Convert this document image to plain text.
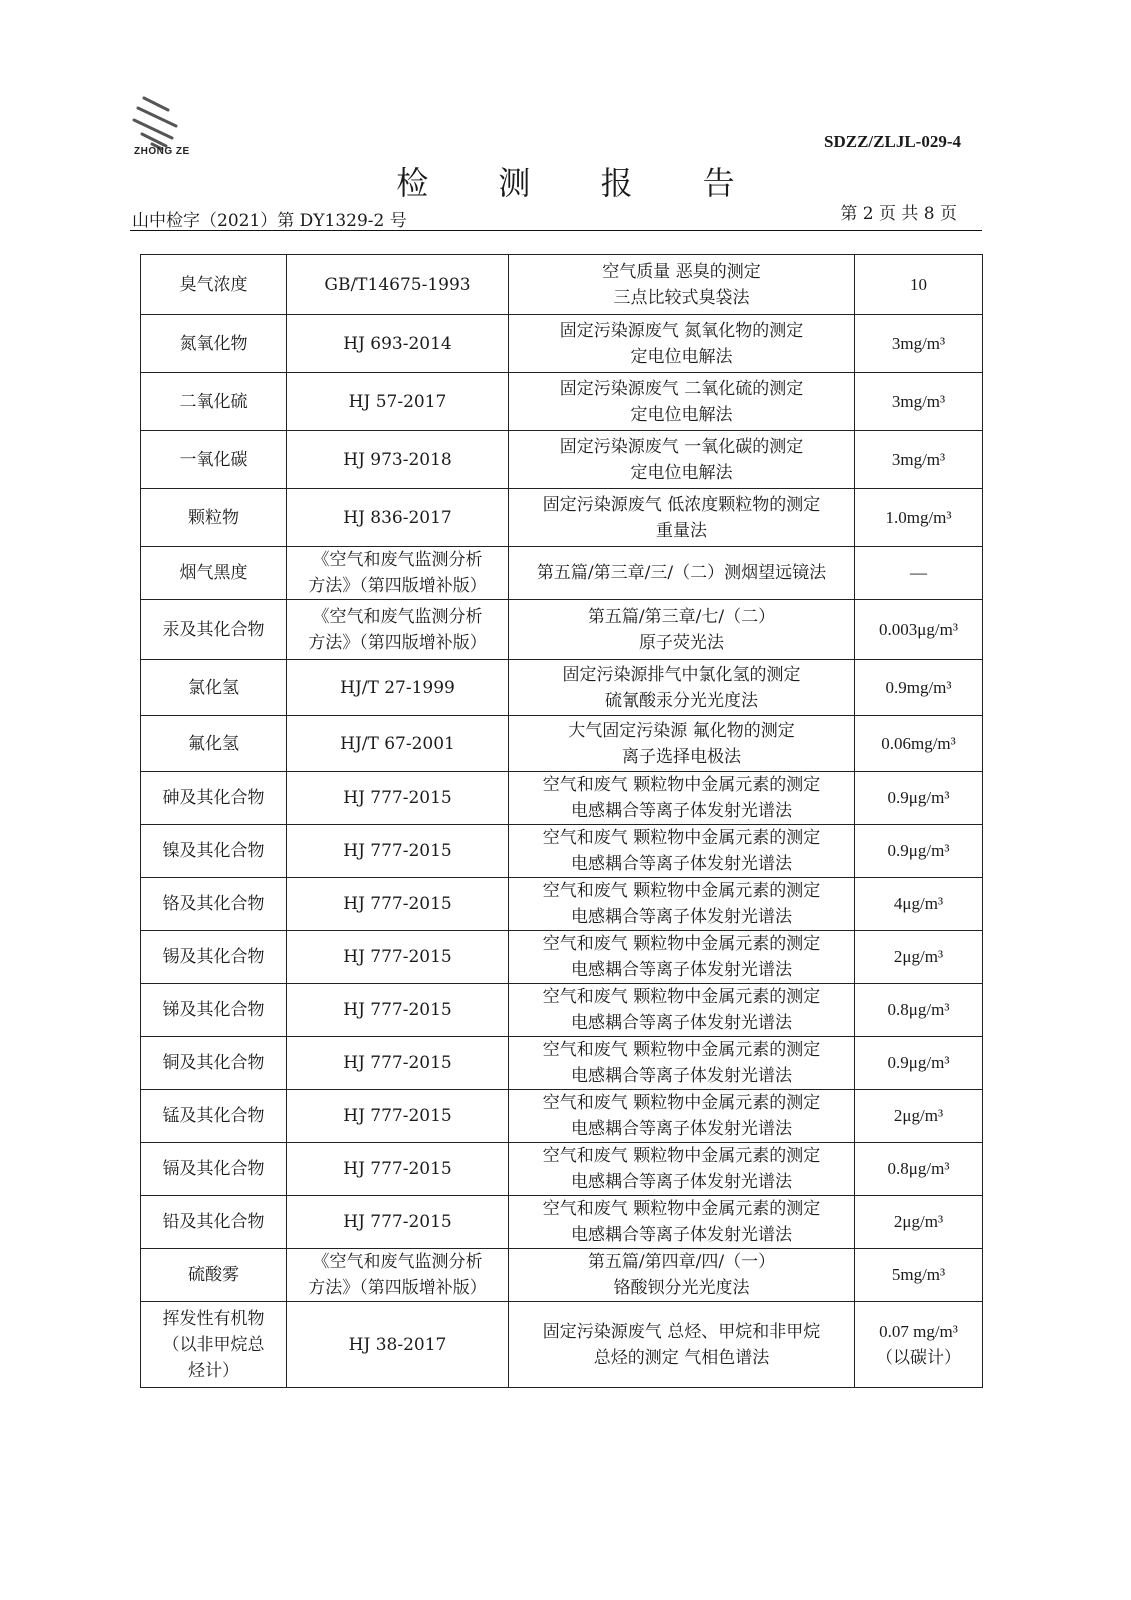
ZHONG ZE
SDZZ/ZLJL-029-4
检 测 报 告
山中检字（2021）第 DY1329-2 号	第 2 页 共 8 页
臭气浓度	GB/T14675-1993	空气质量 恶臭的测定
三点比较式臭袋法	10
氮氧化物	HJ 693-2014	固定污染源废气 氮氧化物的测定
定电位电解法	3mg/m³
二氧化硫	HJ 57-2017	固定污染源废气 二氧化硫的测定
定电位电解法	3mg/m³
一氧化碳	HJ 973-2018	固定污染源废气 一氧化碳的测定
定电位电解法	3mg/m³
颗粒物	HJ 836-2017	固定污染源废气 低浓度颗粒物的测定
重量法	1.0mg/m³
烟气黑度	《空气和废气监测分析
方法》（第四版增补版）	第五篇/第三章/三/（二）测烟望远镜法	—
汞及其化合物	《空气和废气监测分析
方法》（第四版增补版）	第五篇/第三章/七/（二）
原子荧光法	0.003μg/m³
氯化氢	HJ/T 27-1999	固定污染源排气中氯化氢的测定
硫氰酸汞分光光度法	0.9mg/m³
氟化氢	HJ/T 67-2001	大气固定污染源 氟化物的测定
离子选择电极法	0.06mg/m³
砷及其化合物	HJ 777-2015	空气和废气 颗粒物中金属元素的测定
电感耦合等离子体发射光谱法	0.9μg/m³
镍及其化合物	HJ 777-2015	空气和废气 颗粒物中金属元素的测定
电感耦合等离子体发射光谱法	0.9μg/m³
铬及其化合物	HJ 777-2015	空气和废气 颗粒物中金属元素的测定
电感耦合等离子体发射光谱法	4μg/m³
锡及其化合物	HJ 777-2015	空气和废气 颗粒物中金属元素的测定
电感耦合等离子体发射光谱法	2μg/m³
锑及其化合物	HJ 777-2015	空气和废气 颗粒物中金属元素的测定
电感耦合等离子体发射光谱法	0.8μg/m³
铜及其化合物	HJ 777-2015	空气和废气 颗粒物中金属元素的测定
电感耦合等离子体发射光谱法	0.9μg/m³
锰及其化合物	HJ 777-2015	空气和废气 颗粒物中金属元素的测定
电感耦合等离子体发射光谱法	2μg/m³
镉及其化合物	HJ 777-2015	空气和废气 颗粒物中金属元素的测定
电感耦合等离子体发射光谱法	0.8μg/m³
铅及其化合物	HJ 777-2015	空气和废气 颗粒物中金属元素的测定
电感耦合等离子体发射光谱法	2μg/m³
硫酸雾	《空气和废气监测分析
方法》（第四版增补版）	第五篇/第四章/四/（一）
铬酸钡分光光度法	5mg/m³
挥发性有机物
（以非甲烷总
烃计）	HJ 38-2017	固定污染源废气 总烃、甲烷和非甲烷
总烃的测定 气相色谱法	0.07 mg/m³
（以碳计）
